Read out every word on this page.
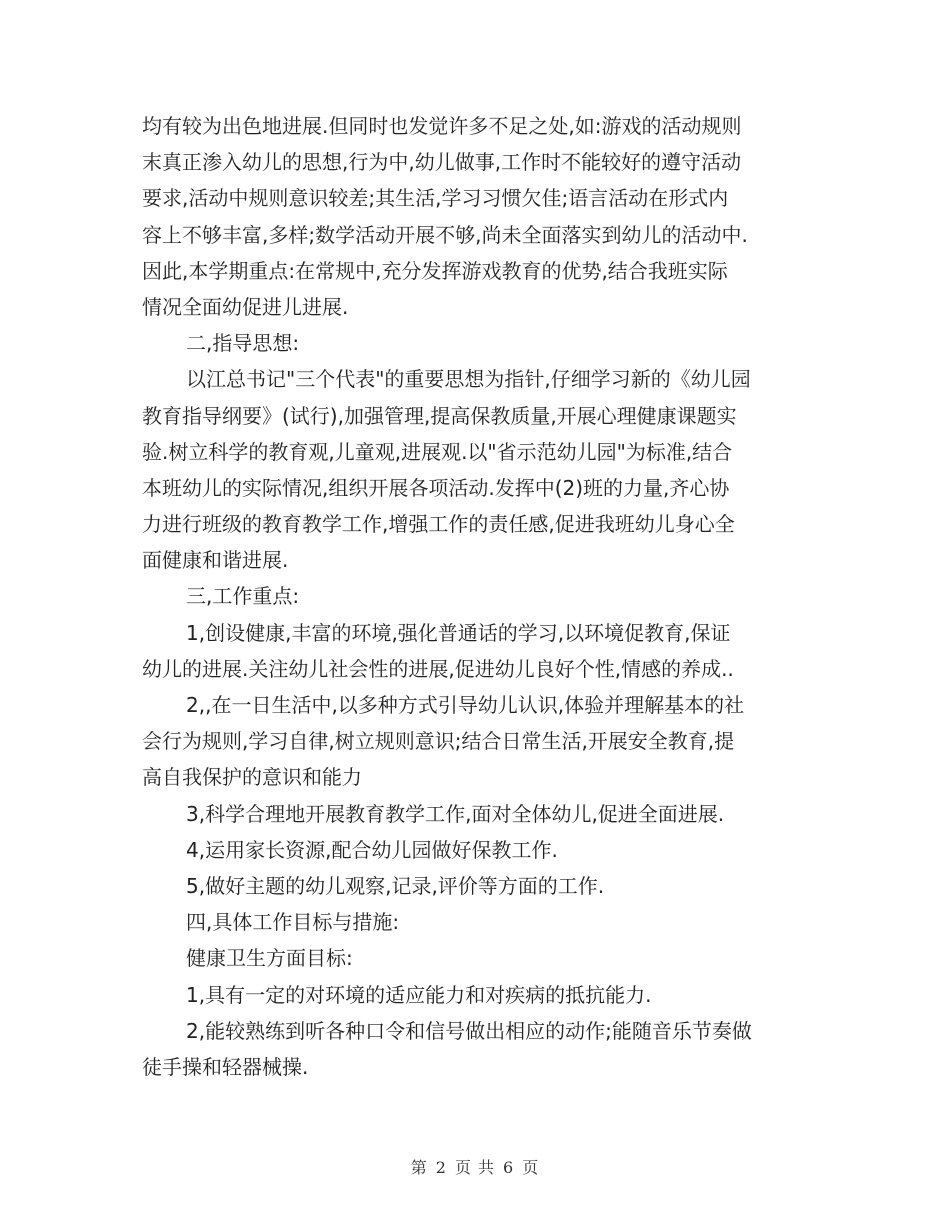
均有较为出色地进展.但同时也发觉许多不足之处,如:游戏的活动规则
末真正渗入幼儿的思想,行为中,幼儿做事,工作时不能较好的遵守活动
要求,活动中规则意识较差;其生活,学习习惯欠佳;语言活动在形式内
容上不够丰富,多样;数学活动开展不够,尚未全面落实到幼儿的活动中.
因此,本学期重点:在常规中,充分发挥游戏教育的优势,结合我班实际
情况全面幼促进儿进展.
二,指导思想:
以江总书记"三个代表"的重要思想为指针,仔细学习新的《幼儿园
教育指导纲要》(试行),加强管理,提高保教质量,开展心理健康课题实
验.树立科学的教育观,儿童观,进展观.以"省示范幼儿园"为标准,结合
本班幼儿的实际情况,组织开展各项活动.发挥中(2)班的力量,齐心协
力进行班级的教育教学工作,增强工作的责任感,促进我班幼儿身心全
面健康和谐进展.
三,工作重点:
1,创设健康,丰富的环境,强化普通话的学习,以环境促教育,保证
幼儿的进展.关注幼儿社会性的进展,促进幼儿良好个性,情感的养成..
2,,在一日生活中,以多种方式引导幼儿认识,体验并理解基本的社
会行为规则,学习自律,树立规则意识;结合日常生活,开展安全教育,提
高自我保护的意识和能力
3,科学合理地开展教育教学工作,面对全体幼儿,促进全面进展.
4,运用家长资源,配合幼儿园做好保教工作.
5,做好主题的幼儿观察,记录,评价等方面的工作.
四,具体工作目标与措施:
健康卫生方面目标:
1,具有一定的对环境的适应能力和对疾病的抵抗能力.
2,能较熟练到听各种口令和信号做出相应的动作;能随音乐节奏做
徒手操和轻器械操.
第 2 页 共 6 页
